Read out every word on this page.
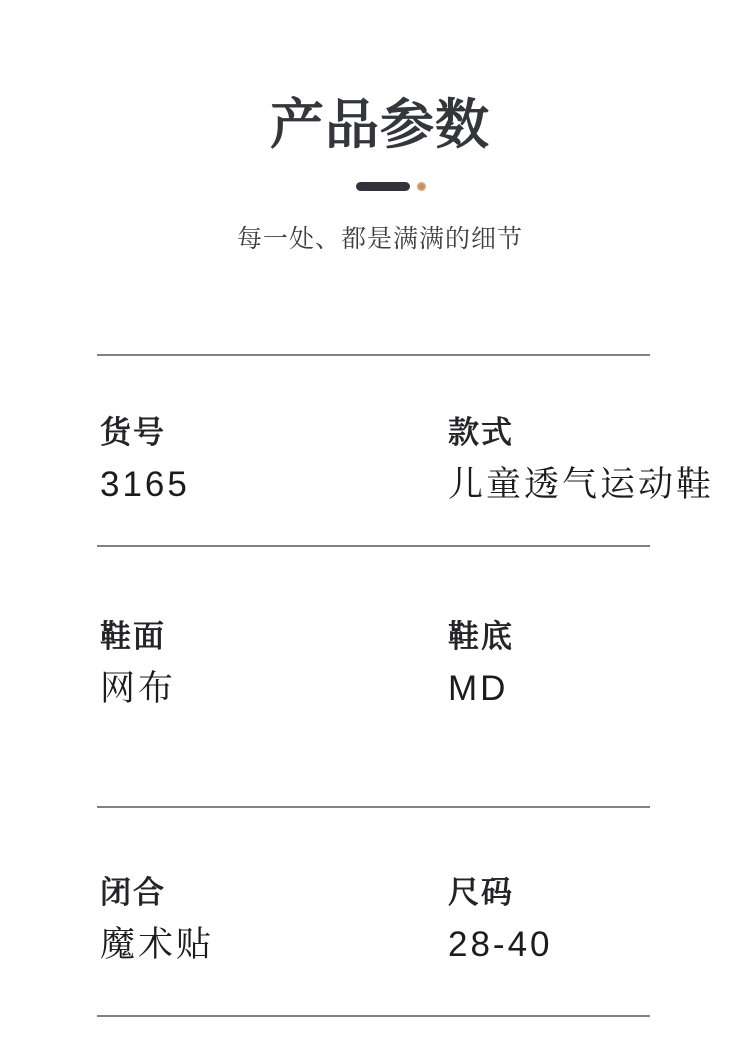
产品参数
每一处、都是满满的细节
货号
3165
款式
儿童透气运动鞋
鞋面
网布
鞋底
MD
闭合
魔术贴
尺码
28-40
